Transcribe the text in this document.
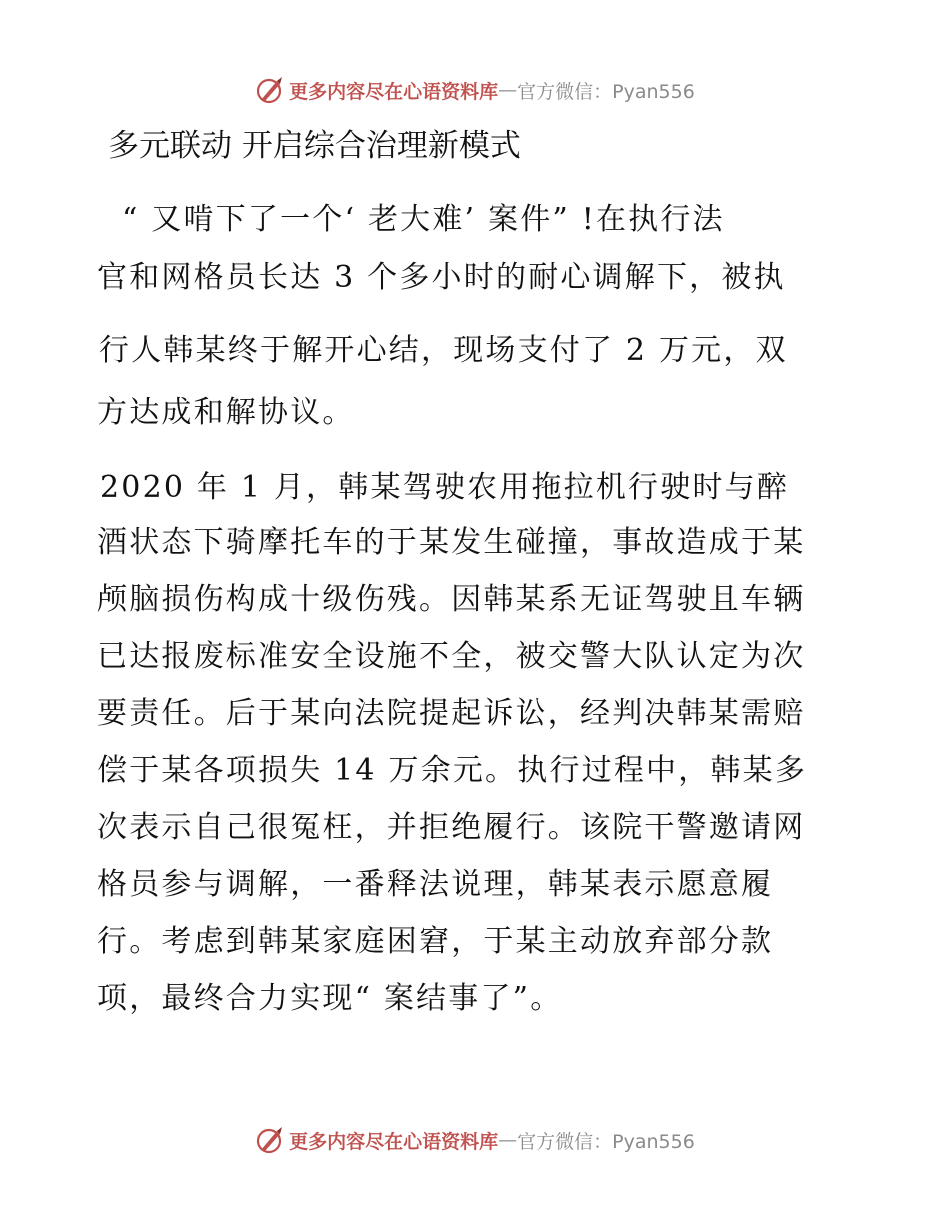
更多内容尽在心语资料库 — 官方微信：Pyan556
多元联动 开启综合治理新模式
“ 又啃下了一个‘ 老大难’ 案件” !在执行法
官和网格员长达 3 个多小时的耐心调解下，被执
行人韩某终于解开心结，现场支付了 2 万元，双
方达成和解协议。
2020 年 1 月，韩某驾驶农用拖拉机行驶时与醉
酒状态下骑摩托车的于某发生碰撞，事故造成于某
颅脑损伤构成十级伤残。因韩某系无证驾驶且车辆
已达报废标准安全设施不全，被交警大队认定为次
要责任。后于某向法院提起诉讼，经判决韩某需赔
偿于某各项损失 14 万余元。执行过程中，韩某多
次表示自己很冤枉，并拒绝履行。该院干警邀请网
格员参与调解，一番释法说理，韩某表示愿意履
行。考虑到韩某家庭困窘，于某主动放弃部分款
项，最终合力实现“ 案结事了”。
更多内容尽在心语资料库 — 官方微信：Pyan556
